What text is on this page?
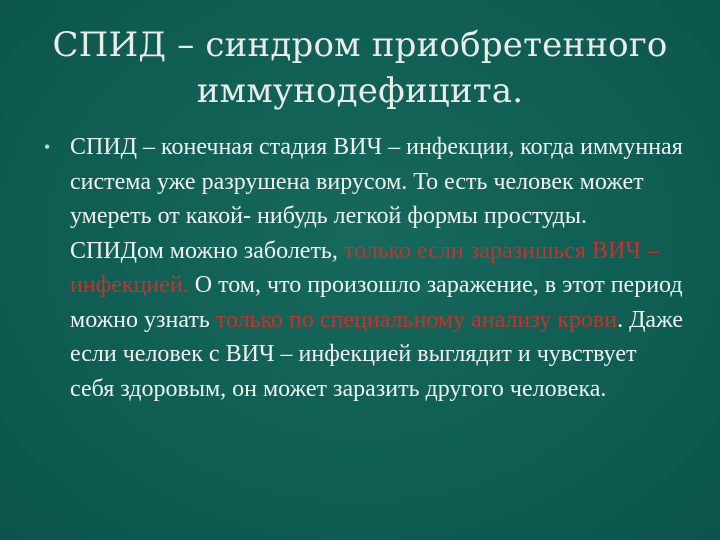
СПИД – синдром приобретенного
иммунодефицита.
• СПИД – конечная стадия ВИЧ – инфекции, когда иммунная система уже разрушена вирусом. То есть человек может умереть от какой- нибудь легкой формы простуды. СПИДом можно заболеть, только если заразишься ВИЧ – инфекцией. О том, что произошло заражение, в этот период можно узнать только по специальному анализу крови. Даже если человек с ВИЧ – инфекцией выглядит и чувствует себя здоровым, он может заразить другого человека.
